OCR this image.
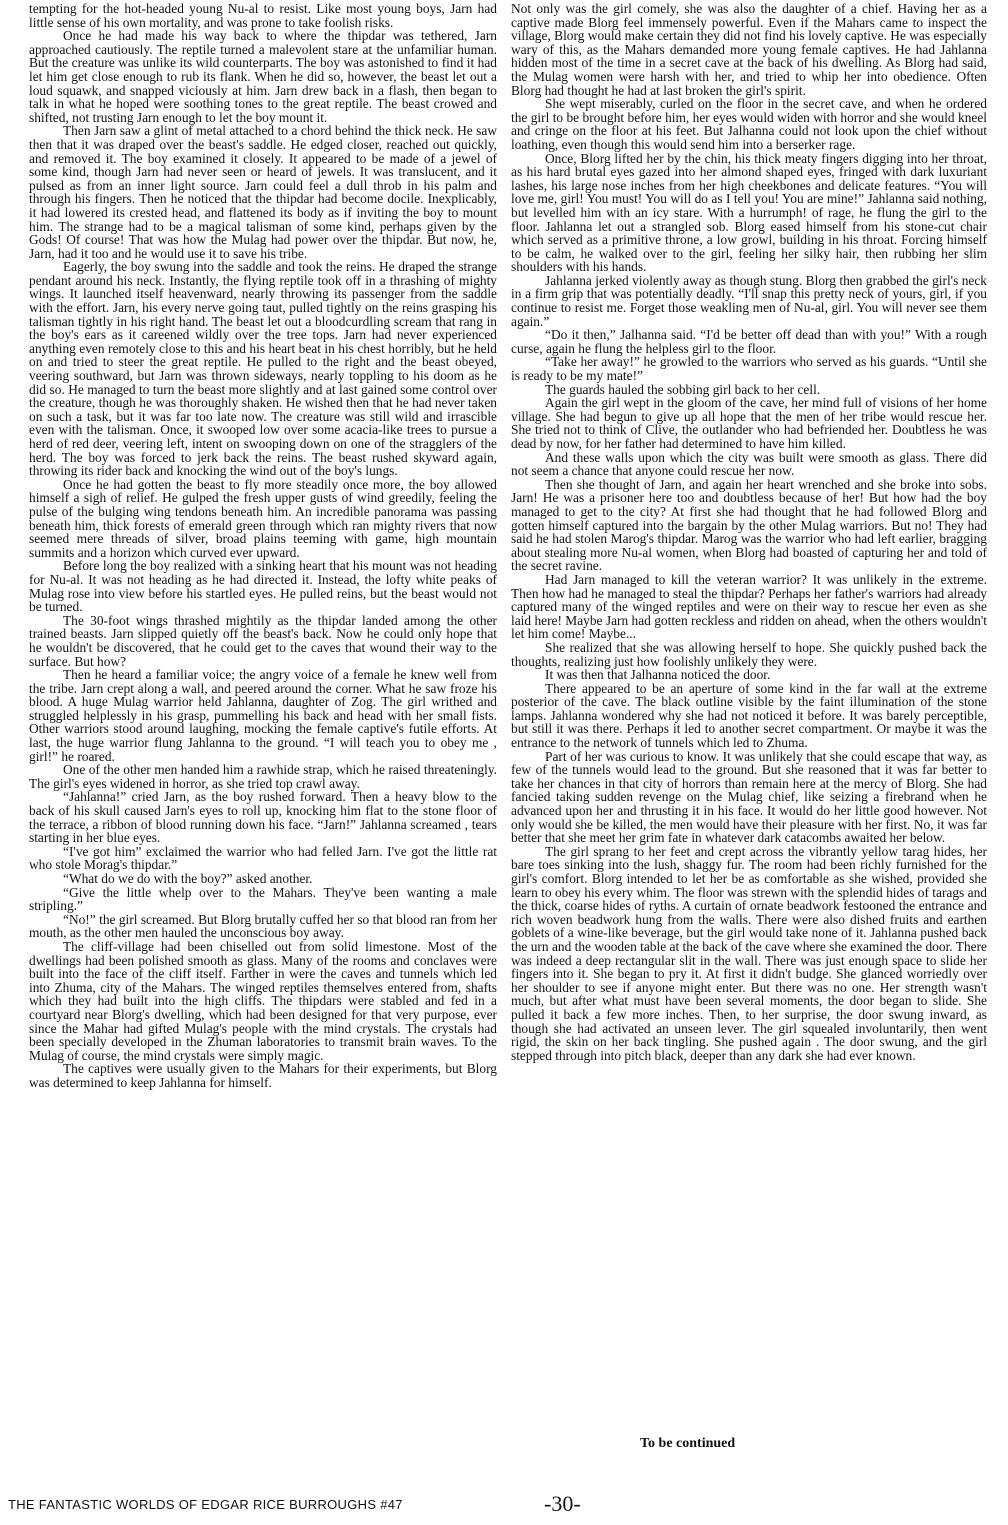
tempting for the hot-headed young Nu-al to resist. Like most young boys, Jarn had little sense of his own mortality, and was prone to take foolish risks.

Once he had made his way back to where the thipdar was tethered, Jarn approached cautiously. The reptile turned a malevolent stare at the unfamiliar human. But the creature was unlike its wild counterparts. The boy was astonished to find it had let him get close enough to rub its flank. When he did so, however, the beast let out a loud squawk, and snapped viciously at him. Jarn drew back in a flash, then began to talk in what he hoped were soothing tones to the great reptile. The beast crowed and shifted, not trusting Jarn enough to let the boy mount it.

Then Jarn saw a glint of metal attached to a chord behind the thick neck. He saw then that it was draped over the beast's saddle. He edged closer, reached out quickly, and removed it. The boy examined it closely. It appeared to be made of a jewel of some kind, though Jarn had never seen or heard of jewels. It was translucent, and it pulsed as from an inner light source. Jarn could feel a dull throb in his palm and through his fingers. Then he noticed that the thipdar had become docile. Inexplicably, it had lowered its crested head, and flattened its body as if inviting the boy to mount him. The strange had to be a magical talisman of some kind, perhaps given by the Gods! Of course! That was how the Mulag had power over the thipdar. But now, he, Jarn, had it too and he would use it to save his tribe.

Eagerly, the boy swung into the saddle and took the reins. He draped the strange pendant around his neck. Instantly, the flying reptile took off in a thrashing of mighty wings. It launched itself heavenward, nearly throwing its passenger from the saddle with the effort. Jarn, his every nerve going taut, pulled tightly on the reins grasping his talisman tightly in his right hand. The beast let out a bloodcurdling scream that rang in the boy's ears as it careened wildly over the tree tops. Jarn had never experienced anything even remotely close to this and his heart beat in his chest horribly, but he held on and tried to steer the great reptile. He pulled to the right and the beast obeyed, veering southward, but Jarn was thrown sideways, nearly toppling to his doom as he did so. He managed to turn the beast more slightly and at last gained some control over the creature, though he was thoroughly shaken. He wished then that he had never taken on such a task, but it was far too late now. The creature was still wild and irrascible even with the talisman. Once, it swooped low over some acacia-like trees to pursue a herd of red deer, veering left, intent on swooping down on one of the stragglers of the herd. The boy was forced to jerk back the reins. The beast rushed skyward again, throwing its rider back and knocking the wind out of the boy's lungs.

Once he had gotten the beast to fly more steadily once more, the boy allowed himself a sigh of relief. He gulped the fresh upper gusts of wind greedily, feeling the pulse of the bulging wing tendons beneath him. An incredible panorama was passing beneath him, thick forests of emerald green through which ran mighty rivers that now seemed mere threads of silver, broad plains teeming with game, high mountain summits and a horizon which curved ever upward.

Before long the boy realized with a sinking heart that his mount was not heading for Nu-al. It was not heading as he had directed it. Instead, the lofty white peaks of Mulag rose into view before his startled eyes. He pulled reins, but the beast would not be turned.

The 30-foot wings thrashed mightily as the thipdar landed among the other trained beasts. Jarn slipped quietly off the beast's back. Now he could only hope that he wouldn't be discovered, that he could get to the caves that wound their way to the surface. But how?

Then he heard a familiar voice; the angry voice of a female he knew well from the tribe. Jarn crept along a wall, and peered around the corner. What he saw froze his blood. A huge Mulag warrior held Jahlanna, daughter of Zog. The girl writhed and struggled helplessly in his grasp, pummelling his back and head with her small fists. Other warriors stood around laughing, mocking the female captive's futile efforts. At last, the huge warrior flung Jahlanna to the ground. “I will teach you to obey me , girl!” he roared.

One of the other men handed him a rawhide strap, which he raised threateningly. The girl's eyes widened in horror, as she tried top crawl away.

“Jahlanna!” cried Jarn, as the boy rushed forward. Then a heavy blow to the back of his skull caused Jarn's eyes to roll up, knocking him flat to the stone floor of the terrace, a ribbon of blood running down his face. “Jarn!” Jahlanna screamed , tears starting in her blue eyes.

“I've got him” exclaimed the warrior who had felled Jarn. I've got the little rat who stole Morag's thipdar.”

“What do we do with the boy?” asked another.

“Give the little whelp over to the Mahars. They've been wanting a male stripling.”

“No!” the girl screamed. But Blorg brutally cuffed her so that blood ran from her mouth, as the other men hauled the unconscious boy away.

The cliff-village had been chiselled out from solid limestone. Most of the dwellings had been polished smooth as glass. Many of the rooms and conclaves were built into the face of the cliff itself. Farther in were the caves and tunnels which led into Zhuma, city of the Mahars. The winged reptiles themselves entered from, shafts which they had built into the high cliffs. The thipdars were stabled and fed in a courtyard near Blorg's dwelling, which had been designed for that very purpose, ever since the Mahar had gifted Mulag's people with the mind crystals. The crystals had been specially developed in the Zhuman laboratories to transmit brain waves. To the Mulag of course, the mind crystals were simply magic.

The captives were usually given to the Mahars for their experiments, but Blorg was determined to keep Jahlanna for himself.

Not only was the girl comely, she was also the daughter of a chief. Having her as a captive made Blorg feel immensely powerful. Even if the Mahars came to inspect the village, Blorg would make certain they did not find his lovely captive. He was especially wary of this, as the Mahars demanded more young female captives. He had Jahlanna hidden most of the time in a secret cave at the back of his dwelling. As Blorg had said, the Mulag women were harsh with her, and tried to whip her into obedience. Often Blorg had thought he had at last broken the girl's spirit.

She wept miserably, curled on the floor in the secret cave, and when he ordered the girl to be brought before him, her eyes would widen with horror and she would kneel and cringe on the floor at his feet. But Jalhanna could not look upon the chief without loathing, even though this would send him into a berserker rage.

Once, Blorg lifted her by the chin, his thick meaty fingers digging into her throat, as his hard brutal eyes gazed into her almond shaped eyes, fringed with dark luxuriant lashes, his large nose inches from her high cheekbones and delicate features. “You will love me, girl! You must! You will do as I tell you! You are mine!” Jahlanna said nothing, but levelled him with an icy stare. With a hurrumph! of rage, he flung the girl to the floor. Jahlanna let out a strangled sob. Blorg eased himself from his stone-cut chair which served as a primitive throne, a low growl, building in his throat. Forcing himself to be calm, he walked over to the girl, feeling her silky hair, then rubbing her slim shoulders with his hands.

Jahlanna jerked violently away as though stung. Blorg then grabbed the girl's neck in a firm grip that was potentially deadly. “I'll snap this pretty neck of yours, girl, if you continue to resist me. Forget those weakling men of Nu-al, girl. You will never see them again.”

“Do it then,” Jalhanna said. “I'd be better off dead than with you!” With a rough curse, again he flung the helpless girl to the floor.

“Take her away!” he growled to the warriors who served as his guards. “Until she is ready to be my mate!”

The guards hauled the sobbing girl back to her cell.

Again the girl wept in the gloom of the cave, her mind full of visions of her home village. She had begun to give up all hope that the men of her tribe would rescue her. She tried not to think of Clive, the outlander who had befriended her. Doubtless he was dead by now, for her father had determined to have him killed.

And these walls upon which the city was built were smooth as glass. There did not seem a chance that anyone could rescue her now.

Then she thought of Jarn, and again her heart wrenched and she broke into sobs. Jarn! He was a prisoner here too and doubtless because of her! But how had the boy managed to get to the city? At first she had thought that he had followed Blorg and gotten himself captured into the bargain by the other Mulag warriors. But no! They had said he had stolen Marog's thipdar. Marog was the warrior who had left earlier, bragging about stealing more Nu-al women, when Blorg had boasted of capturing her and told of the secret ravine.

Had Jarn managed to kill the veteran warrior? It was unlikely in the extreme. Then how had he managed to steal the thipdar? Perhaps her father's warriors had already captured many of the winged reptiles and were on their way to rescue her even as she laid here! Maybe Jarn had gotten reckless and ridden on ahead, when the others wouldn't let him come! Maybe...

She realized that she was allowing herself to hope. She quickly pushed back the thoughts, realizing just how foolishly unlikely they were.

It was then that Jalhanna noticed the door.

There appeared to be an aperture of some kind in the far wall at the extreme posterior of the cave. The black outline visible by the faint illumination of the stone lamps. Jahlanna wondered why she had not noticed it before. It was barely perceptible, but still it was there. Perhaps it led to another secret compartment. Or maybe it was the entrance to the network of tunnels which led to Zhuma.

Part of her was curious to know. It was unlikely that she could escape that way, as few of the tunnels would lead to the ground. But she reasoned that it was far better to take her chances in that city of horrors than remain here at the mercy of Blorg. She had fancied taking sudden revenge on the Mulag chief, like seizing a firebrand when he advanced upon her and thrusting it in his face. It would do her little good however. Not only would she be killed, the men would have their pleasure with her first. No, it was far better that she meet her grim fate in whatever dark catacombs awaited her below.

The girl sprang to her feet and crept across the vibrantly yellow tarag hides, her bare toes sinking into the lush, shaggy fur. The room had been richly furnished for the girl's comfort. Blorg intended to let her be as comfortable as she wished, provided she learn to obey his every whim. The floor was strewn with the splendid hides of tarags and the thick, coarse hides of ryths. A curtain of ornate beadwork festooned the entrance and rich woven beadwork hung from the walls. There were also dished fruits and earthen goblets of a wine-like beverage, but the girl would take none of it. Jahlanna pushed back the urn and the wooden table at the back of the cave where she examined the door. There was indeed a deep rectangular slit in the wall. There was just enough space to slide her fingers into it. She began to pry it. At first it didn't budge. She glanced worriedly over her shoulder to see if anyone might enter. But there was no one. Her strength wasn't much, but after what must have been several moments, the door began to slide. She pulled it back a few more inches. Then, to her surprise, the door swung inward, as though she had activated an unseen lever. The girl squealed involuntarily, then went rigid, the skin on her back tingling. She pushed again . The door swung, and the girl stepped through into pitch black, deeper than any dark she had ever known.

To be continued
THE FANTASTIC WORLDS OF EDGAR RICE BURROUGHS #47	-30-
